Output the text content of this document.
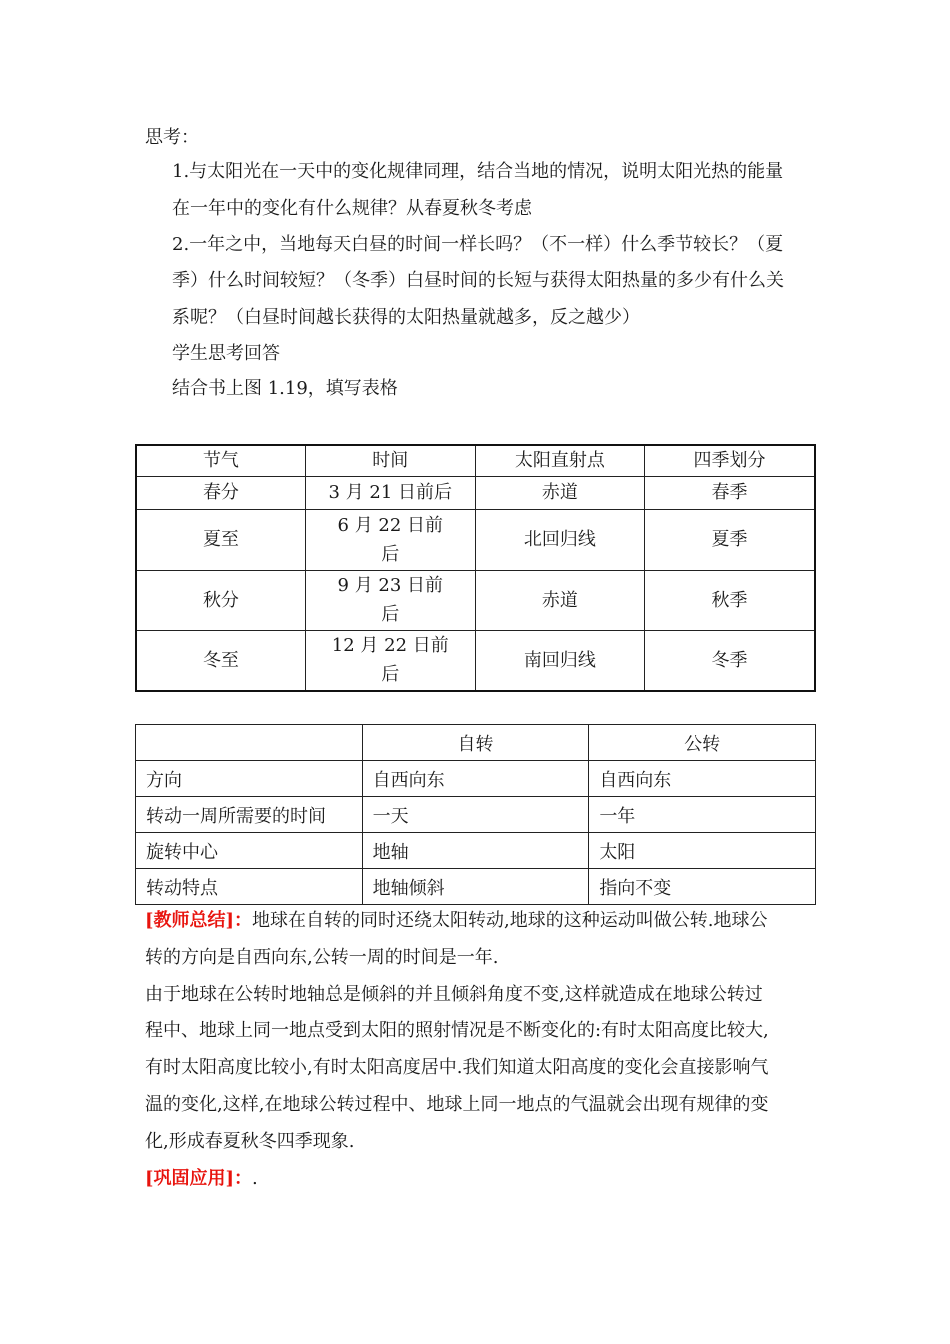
思考：
1.与太阳光在一天中的变化规律同理，结合当地的情况，说明太阳光热的能量
在一年中的变化有什么规律？从春夏秋冬考虑
2.一年之中，当地每天白昼的时间一样长吗？（不一样）什么季节较长？（夏
季）什么时间较短？（冬季）白昼时间的长短与获得太阳热量的多少有什么关
系呢？（白昼时间越长获得的太阳热量就越多，反之越少）
学生思考回答
结合书上图 1.19，填写表格
节气	时间	太阳直射点	四季划分
春分	3 月 21 日前后	赤道	春季
夏至	6 月 22 日前后	北回归线	夏季
秋分	9 月 23 日前后	赤道	秋季
冬至	12 月 22 日前后	南回归线	冬季
	自转	公转
方向	自西向东	自西向东
转动一周所需要的时间	一天	一年
旋转中心	地轴	太阳
转动特点	地轴倾斜	指向不变
[教师总结]：地球在自转的同时还绕太阳转动,地球的这种运动叫做公转.地球公
转的方向是自西向东,公转一周的时间是一年.
由于地球在公转时地轴总是倾斜的并且倾斜角度不变,这样就造成在地球公转过
程中、地球上同一地点受到太阳的照射情况是不断变化的:有时太阳高度比较大,
有时太阳高度比较小,有时太阳高度居中.我们知道太阳高度的变化会直接影响气
温的变化,这样,在地球公转过程中、地球上同一地点的气温就会出现有规律的变
化,形成春夏秋冬四季现象.
[巩固应用]：.
